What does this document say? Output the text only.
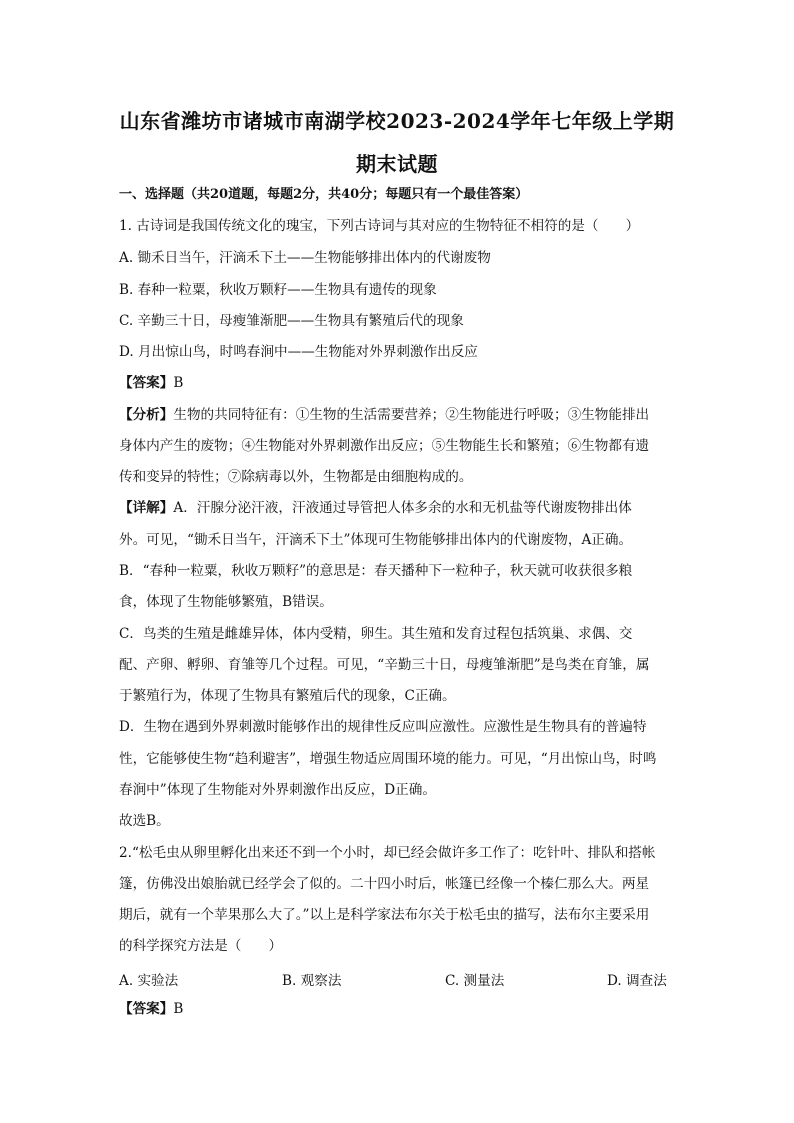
山东省潍坊市诸城市南湖学校2023-2024学年七年级上学期
期末试题
一、选择题（共20道题，每题2分，共40分；每题只有一个最佳答案）
1. 古诗词是我国传统文化的瑰宝，下列古诗词与其对应的生物特征不相符的是（　　）
A. 锄禾日当午，汗滴禾下土——生物能够排出体内的代谢废物
B. 春种一粒粟，秋收万颗籽——生物具有遗传的现象
C. 辛勤三十日，母瘦雏渐肥——生物具有繁殖后代的现象
D. 月出惊山鸟，时鸣春涧中——生物能对外界刺激作出反应
【答案】B
【分析】生物的共同特征有：①生物的生活需要营养；②生物能进行呼吸；③生物能排出
身体内产生的废物；④生物能对外界刺激作出反应；⑤生物能生长和繁殖；⑥生物都有遗
传和变异的特性；⑦除病毒以外，生物都是由细胞构成的。
【详解】A．汗腺分泌汗液，汗液通过导管把人体多余的水和无机盐等代谢废物排出体
外。可见，“锄禾日当午，汗滴禾下土”体现可生物能够排出体内的代谢废物，A正确。
B．“春种一粒粟，秋收万颗籽”的意思是：春天播种下一粒种子，秋天就可收获很多粮
食，体现了生物能够繁殖，B错误。
C．鸟类的生殖是雌雄异体，体内受精，卵生。其生殖和发育过程包括筑巢、求偶、交
配、产卵、孵卵、育雏等几个过程。可见，“辛勤三十日，母瘦雏渐肥”是鸟类在育雏，属
于繁殖行为，体现了生物具有繁殖后代的现象，C正确。
D．生物在遇到外界刺激时能够作出的规律性反应叫应激性。应激性是生物具有的普遍特
性，它能够使生物“趋利避害”，增强生物适应周围环境的能力。可见，“月出惊山鸟，时鸣
春涧中”体现了生物能对外界刺激作出反应，D正确。
故选B。
2.“松毛虫从卵里孵化出来还不到一个小时，却已经会做许多工作了：吃针叶、排队和搭帐
篷，仿佛没出娘胎就已经学会了似的。二十四小时后，帐篷已经像一个榛仁那么大。两星
期后，就有一个苹果那么大了。”以上是科学家法布尔关于松毛虫的描写，法布尔主要采用
的科学探究方法是（　　）
A. 实验法	B. 观察法	C. 测量法	D. 调查法
【答案】B
